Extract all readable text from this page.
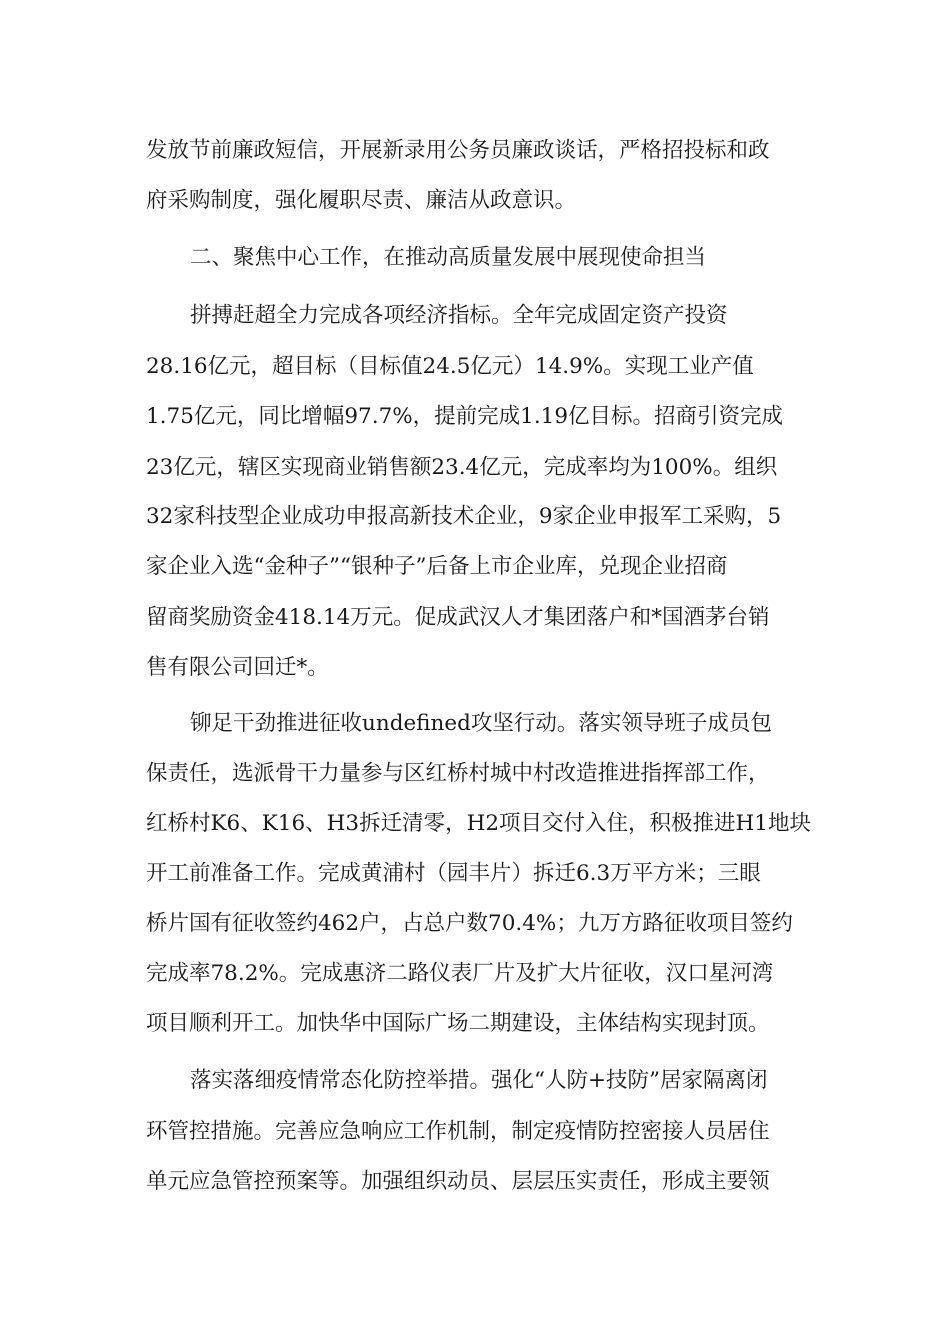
发放节前廉政短信，开展新录用公务员廉政谈话，严格招投标和政
府采购制度，强化履职尽责、廉洁从政意识。
二、聚焦中心工作，在推动高质量发展中展现使命担当
拼搏赶超全力完成各项经济指标。全年完成固定资产投资
28.16亿元，超目标（目标值24.5亿元）14.9%。实现工业产值
1.75亿元，同比增幅97.7%，提前完成1.19亿目标。招商引资完成
23亿元，辖区实现商业销售额23.4亿元，完成率均为100%。组织
32家科技型企业成功申报高新技术企业，9家企业申报军工采购，5
家企业入选“金种子”“银种子”后备上市企业库，兑现企业招商
留商奖励资金418.14万元。促成武汉人才集团落户和*国酒茅台销
售有限公司回迁*。
铆足干劲推进征收undefined攻坚行动。落实领导班子成员包
保责任，选派骨干力量参与区红桥村城中村改造推进指挥部工作，
红桥村K6、K16、H3拆迁清零，H2项目交付入住，积极推进H1地块
开工前准备工作。完成黄浦村（园丰片）拆迁6.3万平方米；三眼
桥片国有征收签约462户，占总户数70.4%；九万方路征收项目签约
完成率78.2%。完成惠济二路仪表厂片及扩大片征收，汉口星河湾
项目顺利开工。加快华中国际广场二期建设，主体结构实现封顶。
落实落细疫情常态化防控举措。强化“人防+技防”居家隔离闭
环管控措施。完善应急响应工作机制，制定疫情防控密接人员居住
单元应急管控预案等。加强组织动员、层层压实责任，形成主要领
